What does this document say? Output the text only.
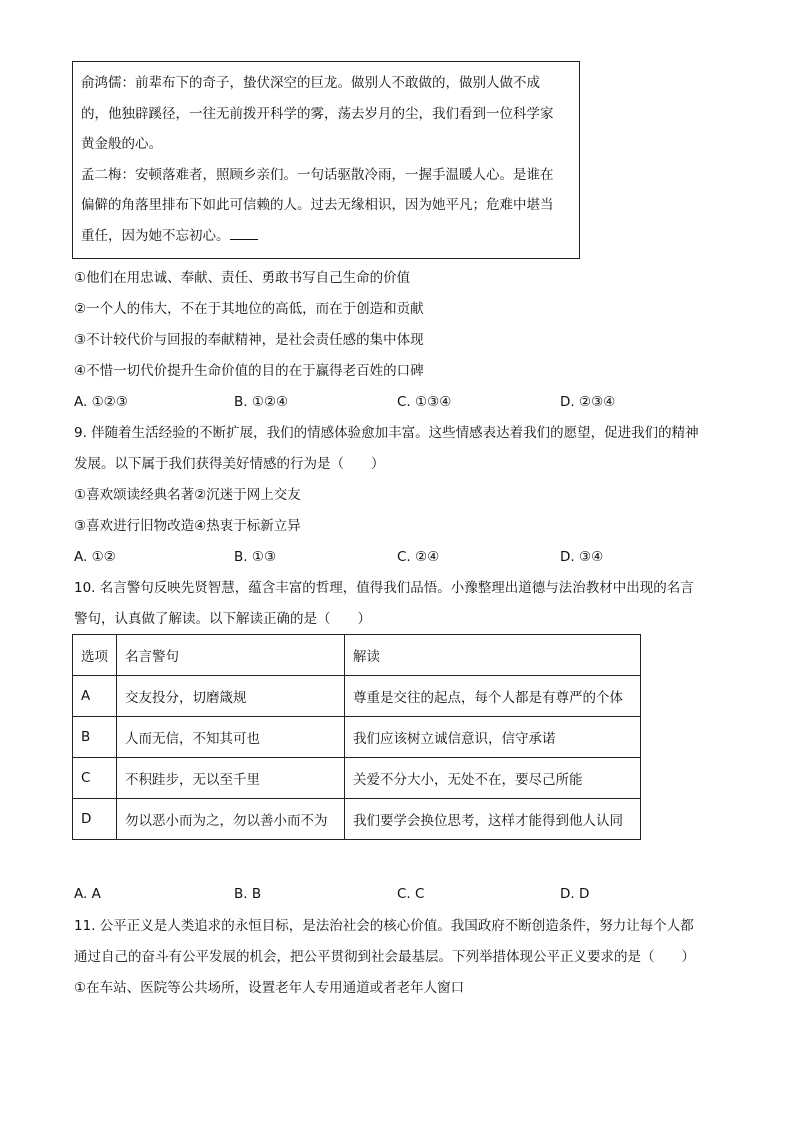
俞鸿儒：前辈布下的奇子，蛰伏深空的巨龙。做别人不敢做的，做别人做不成

的，他独辟蹊径，一往无前拨开科学的雾，荡去岁月的尘，我们看到一位科学家

黄金般的心。

孟二梅：安顿落难者，照顾乡亲们。一句话驱散冷雨，一握手温暖人心。是谁在

偏僻的角落里排布下如此可信赖的人。过去无缘相识，因为她平凡；危难中堪当

重任，因为她不忘初心。

①他们在用忠诚、奉献、责任、勇敢书写自己生命的价值
②一个人的伟大，不在于其地位的高低，而在于创造和贡献
③不计较代价与回报的奉献精神，是社会责任感的集中体现
④不惜一切代价提升生命价值的目的在于赢得老百姓的口碑
A. ①②③	B. ①②④	C. ①③④	D. ②③④
9. 伴随着生活经验的不断扩展，我们的情感体验愈加丰富。这些情感表达着我们的愿望，促进我们的精神
发展。以下属于我们获得美好情感的行为是（　　）
①喜欢颂读经典名著②沉迷于网上交友
③喜欢进行旧物改造④热衷于标新立异
A. ①②	B. ①③	C. ②④	D. ③④
10. 名言警句反映先贤智慧，蕴含丰富的哲理，值得我们品悟。小豫整理出道德与法治教材中出现的名言
警句，认真做了解读。以下解读正确的是（　　）
选项	名言警句	解读
A	交友投分，切磨箴规	尊重是交往的起点，每个人都是有尊严的个体
B	人而无信，不知其可也	我们应该树立诚信意识，信守承诺
C	不积跬步，无以至千里	关爱不分大小，无处不在，要尽己所能
D	勿以恶小而为之，勿以善小而不为	我们要学会换位思考，这样才能得到他人认同
A. A	B. B	C. C	D. D
11. 公平正义是人类追求的永恒目标，是法治社会的核心价值。我国政府不断创造条件，努力让每个人都
通过自己的奋斗有公平发展的机会，把公平贯彻到社会最基层。下列举措体现公平正义要求的是（　　）
①在车站、医院等公共场所，设置老年人专用通道或者老年人窗口
